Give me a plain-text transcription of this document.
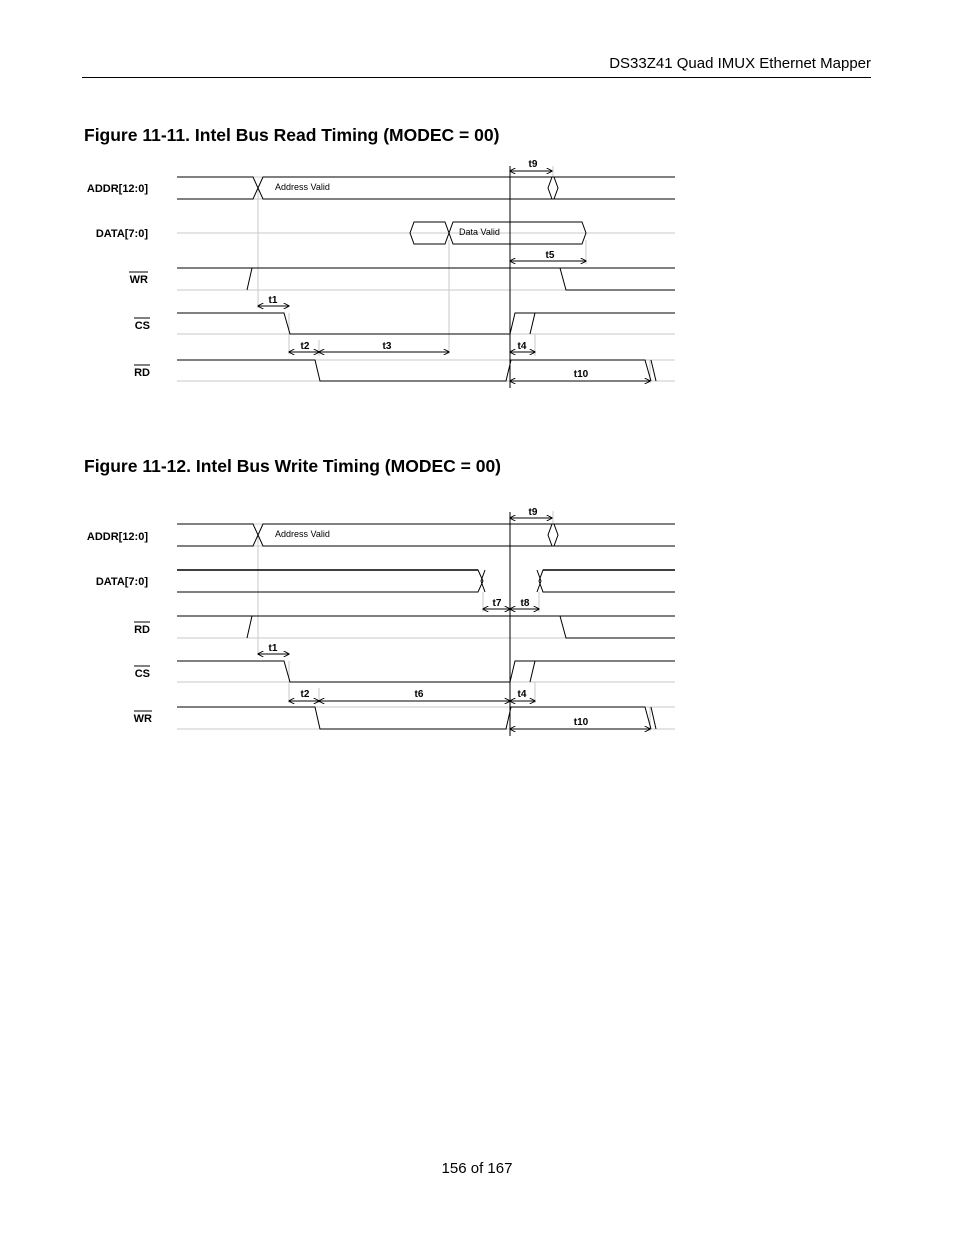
DS33Z41 Quad IMUX Ethernet Mapper
Figure 11-11. Intel Bus Read Timing (MODEC = 00)
ADDR[12:0]
DATA[7:0]
WR
CS
RD
Address Valid
Data Valid
t9
t5
t1
t2	t3	t4
t10
Figure 11-12. Intel Bus Write Timing (MODEC = 00)
ADDR[12:0]
DATA[7:0]
RD
CS
WR
Address Valid
t9
t7 t8
t1
t2	t6	t4
t10
156 of 167
